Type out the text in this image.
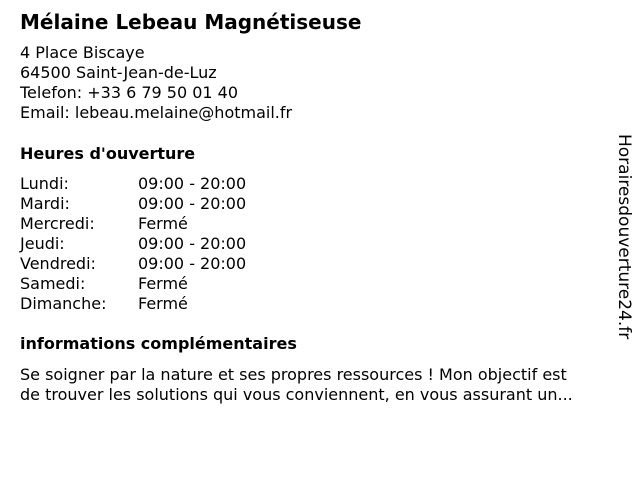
Mélaine Lebeau Magnétiseuse
4 Place Biscaye
64500 Saint-Jean-de-Luz
Telefon: +33 6 79 50 01 40
Email: lebeau.melaine@hotmail.fr
Heures d'ouverture
Lundi:	09:00 - 20:00
Mardi:	09:00 - 20:00
Mercredi:	Fermé
Jeudi:	09:00 - 20:00
Vendredi:	09:00 - 20:00
Samedi:	Fermé
Dimanche: Fermé
informations complémentaires
Se soigner par la nature et ses propres ressources ! Mon objectif est
de trouver les solutions qui vous conviennent, en vous assurant un...
Horairesdouverture24.fr
